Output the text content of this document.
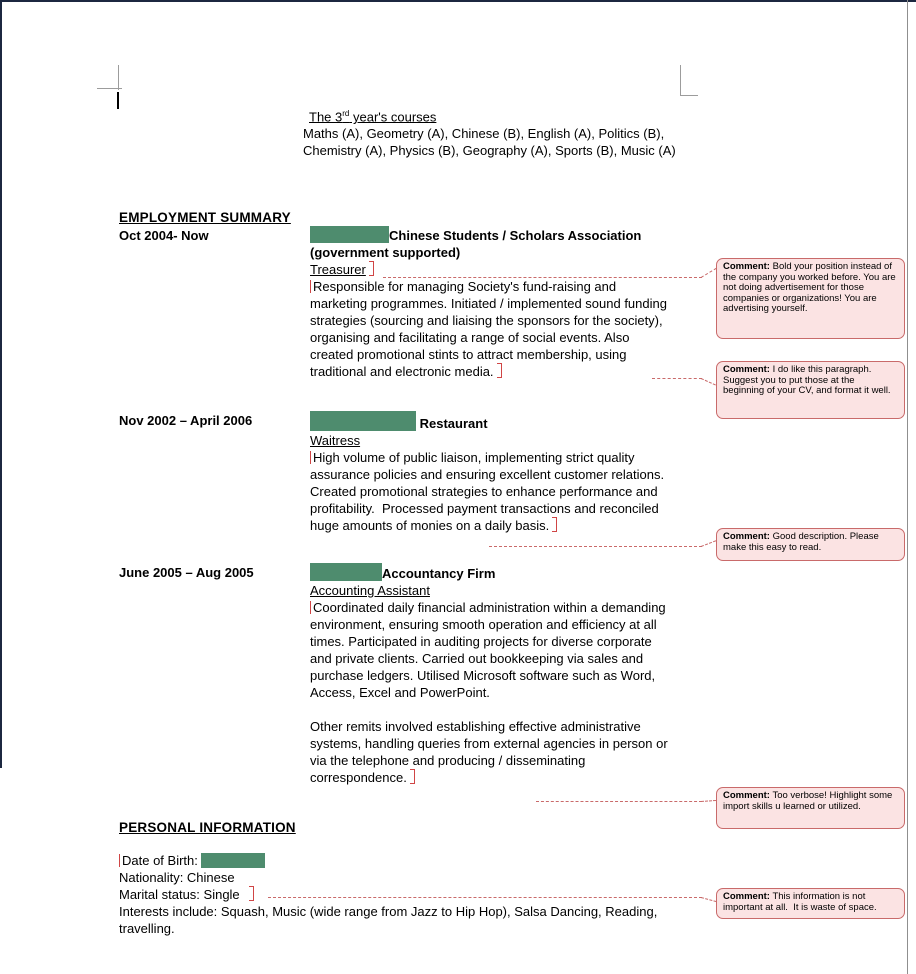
The 3rd year's courses
Maths (A), Geometry (A), Chinese (B), English (A), Politics (B), Chemistry (A), Physics (B), Geography (A), Sports (B), Music (A)
EMPLOYMENT SUMMARY
Oct 2004- Now	Chinese Students / Scholars Association (government supported)
Treasurer
Responsible for managing Society's fund-raising and marketing programmes. Initiated / implemented sound funding strategies (sourcing and liaising the sponsors for the society), organising and facilitating a range of social events. Also created promotional stints to attract membership, using traditional and electronic media.
Nov 2002 – April 2006	Restaurant
Waitress
High volume of public liaison, implementing strict quality assurance policies and ensuring excellent customer relations.  Created promotional strategies to enhance performance and profitability.  Processed payment transactions and reconciled huge amounts of monies on a daily basis.
June 2005 – Aug 2005	Accountancy Firm
Accounting Assistant
Coordinated daily financial administration within a demanding environment, ensuring smooth operation and efficiency at all times. Participated in auditing projects for diverse corporate and private clients. Carried out bookkeeping via sales and purchase ledgers. Utilised Microsoft software such as Word, Access, Excel and PowerPoint.
Other remits involved establishing effective administrative systems, handling queries from external agencies in person or via the telephone and producing / disseminating correspondence.
PERSONAL INFORMATION
Date of Birth:
Nationality: Chinese
Marital status: Single
Interests include: Squash, Music (wide range from Jazz to Hip Hop), Salsa Dancing, Reading, travelling.
Comment: Bold your position instead of the company you worked before. You are not doing advertisement for those companies or organizations! You are advertising yourself.
Comment: I do like this paragraph. Suggest you to put those at the beginning of your CV, and format it well.
Comment: Good description. Please make this easy to read.
Comment: Too verbose! Highlight some import skills u learned or utilized.
Comment: This information is not important at all.  It is waste of space.
